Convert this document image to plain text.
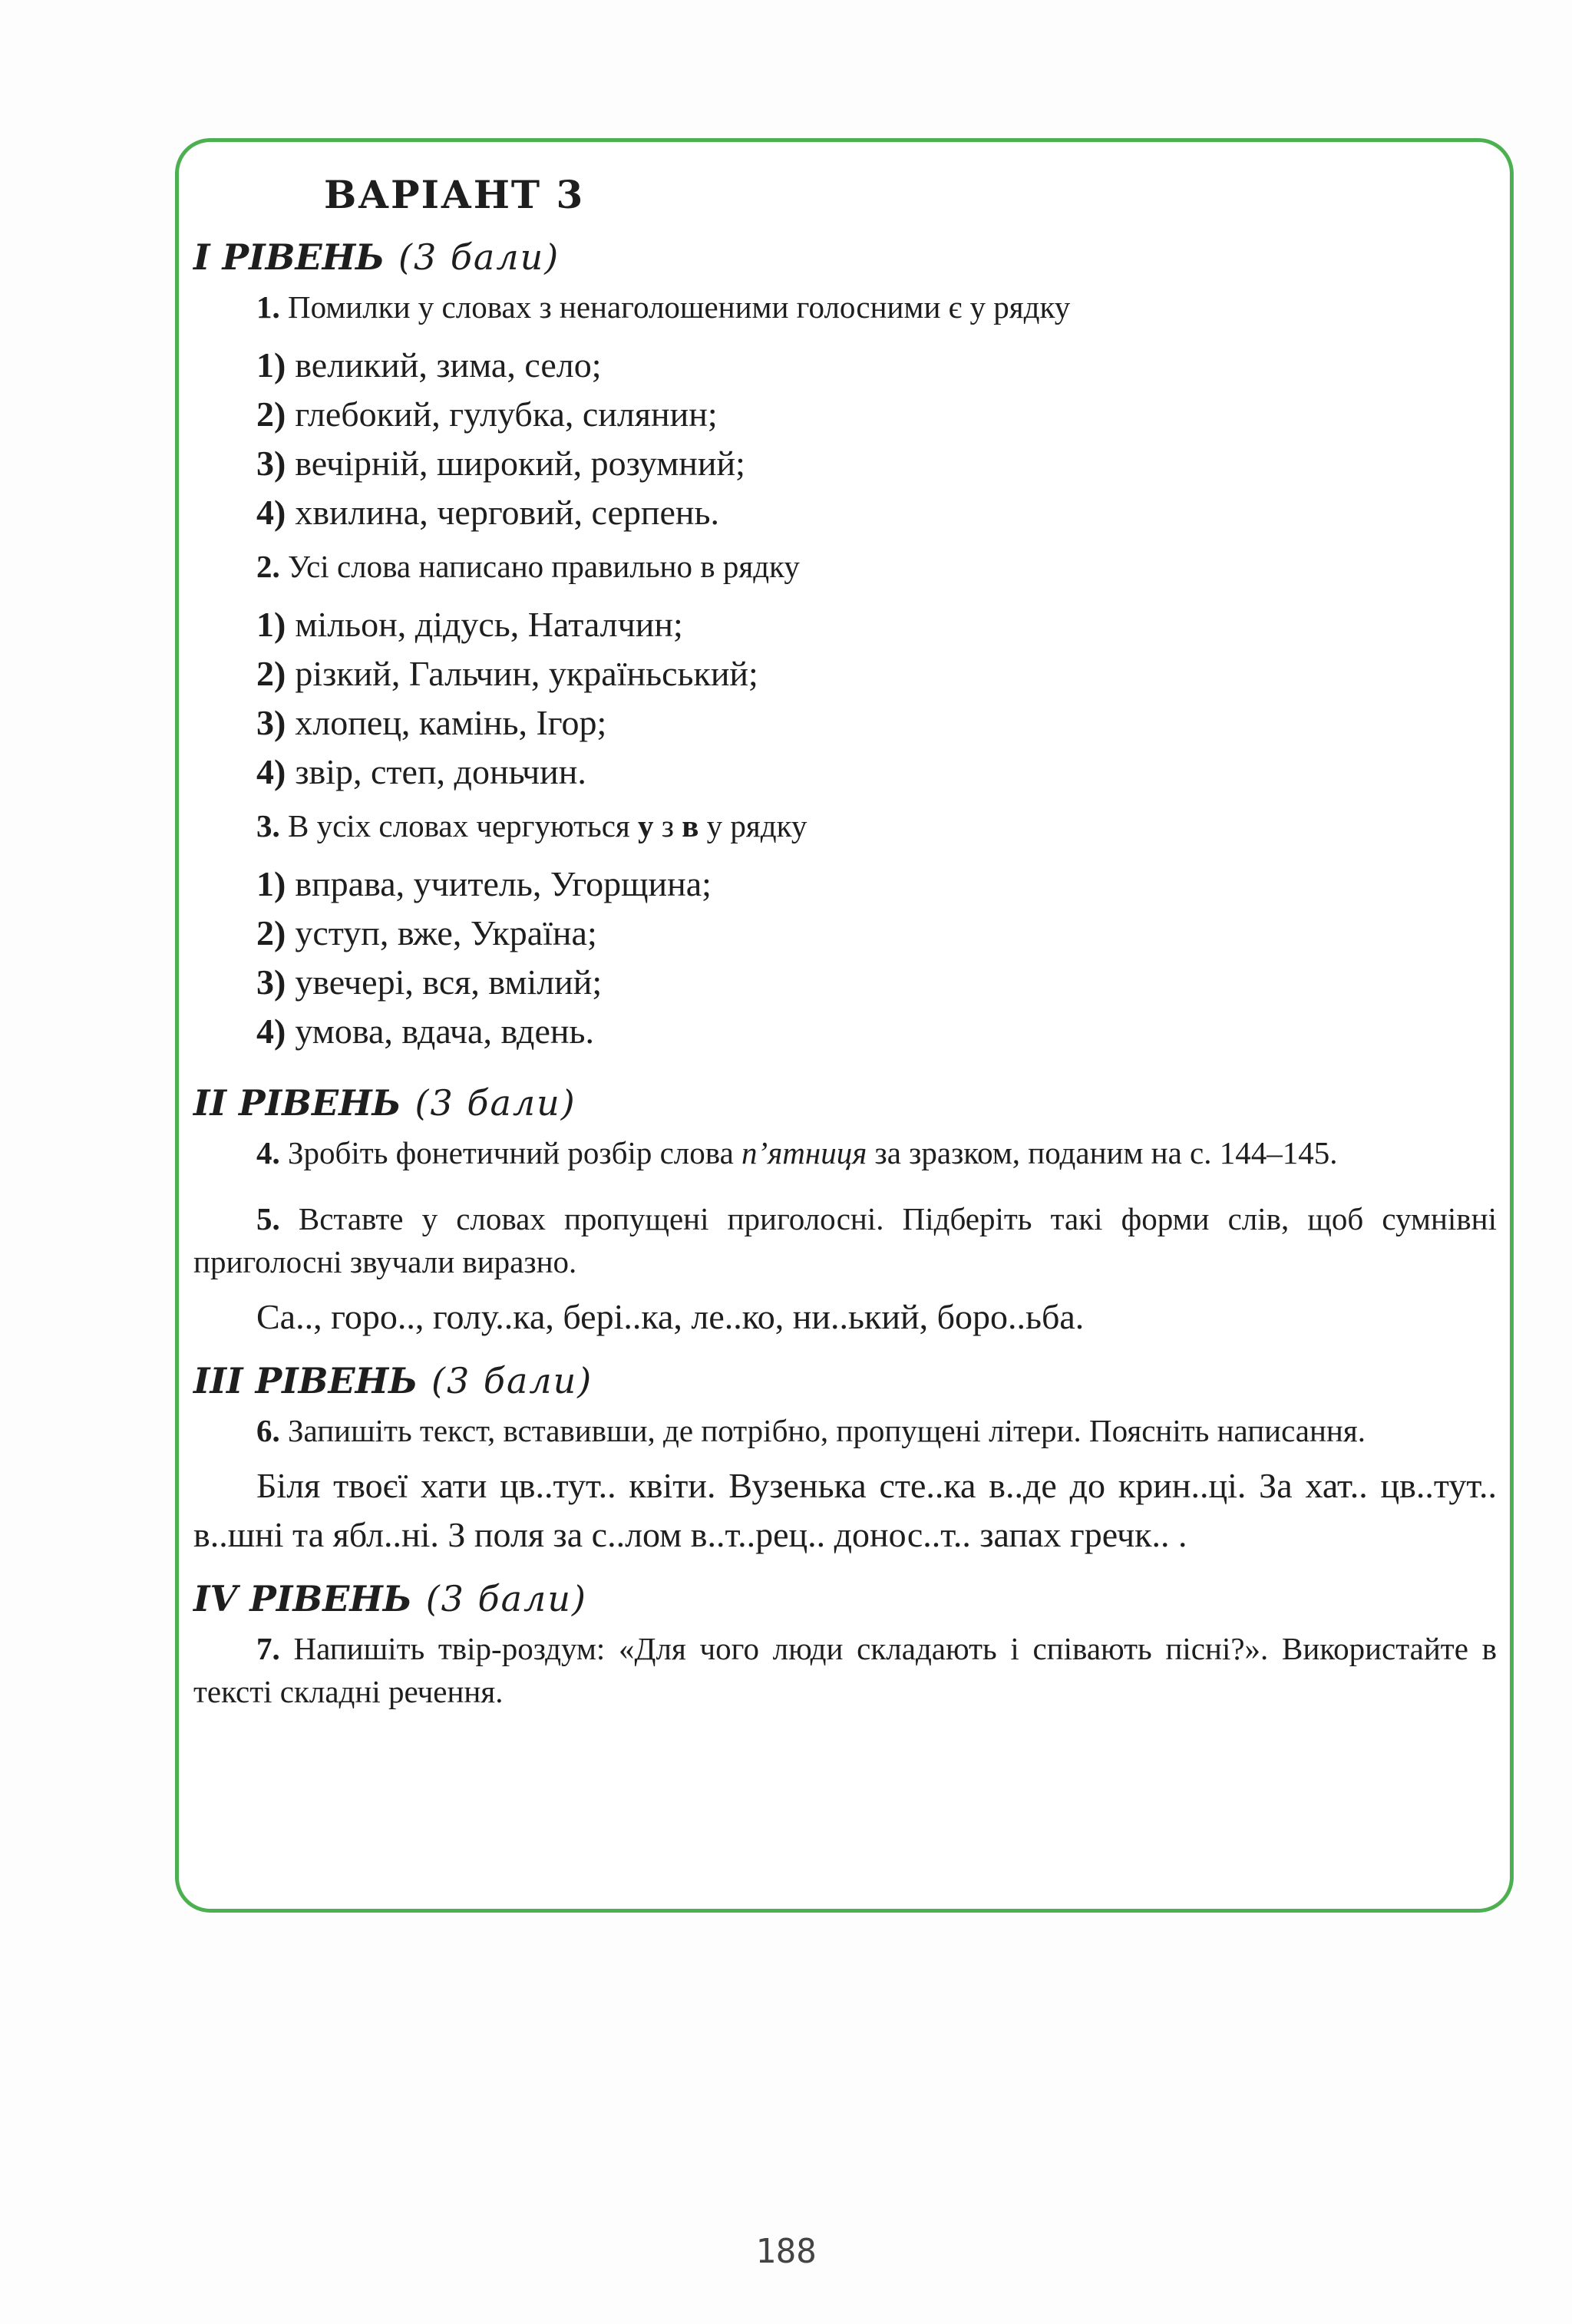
ВАРІАНТ 3
І РІВЕНЬ (3 бали)

1. Помилки у словах з ненаголошеними голосними є у рядку

1) великий, зима, село;
2) глебокий, гулубка, силянин;
3) вечірній, широкий, розумний;
4) хвилина, черговий, серпень.

2. Усі слова написано правильно в рядку

1) мільон, дідусь, Наталчин;
2) різкий, Гальчин, україньський;
3) хлопец, камінь, Ігор;
4) звір, степ, доньчин.

3. В усіх словах чергуються у з в у рядку

1) вправа, учитель, Угорщина;
2) уступ, вже, Україна;
3) увечері, вся, вмілий;
4) умова, вдача, вдень.
ІІ РІВЕНЬ (3 бали)

4. Зробіть фонетичний розбір слова п’ятниця за зразком, поданим на с. 144–145.

5. Вставте у словах пропущені приголосні. Підберіть такі форми слів, щоб сумнівні приголосні звучали виразно.

Са.., горо.., голу..ка, бері..ка, ле..ко, ни..ький, боро..ьба.

ІІІ РІВЕНЬ (3 бали)

6. Запишіть текст, вставивши, де потрібно, пропущені літери. Поясніть написання.

Біля твоєї хати цв..тут.. квіти. Вузенька сте..ка в..де до крин..ці. За хат.. цв..тут.. в..шні та ябл..ні. З поля за с..лом в..т..рец.. донос..т.. запах гречк.. .

IV РІВЕНЬ (3 бали)

7. Напишіть твір-роздум: «Для чого люди складають і співають пісні?». Використайте в тексті складні речення.

188
